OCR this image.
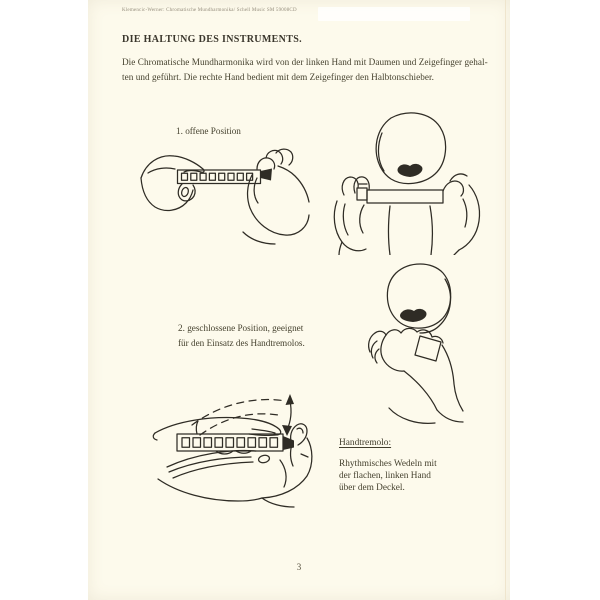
Klemencic-Werner: Chromatische Mundharmonika/ Schell Music SM 59008CD
DIE HALTUNG DES INSTRUMENTS.
Die Chromatische Mundharmonika wird von der linken Hand mit Daumen und Zeigefinger gehal-
ten und geführt. Die rechte Hand bedient mit dem Zeigefinger den Halbtonschieber.
1. offene Position
2. geschlossene Position, geeignet
für den Einsatz des Handtremolos.
Handtremolo:
Rhythmisches Wedeln mit
der flachen, linken Hand
über dem Deckel.
3
